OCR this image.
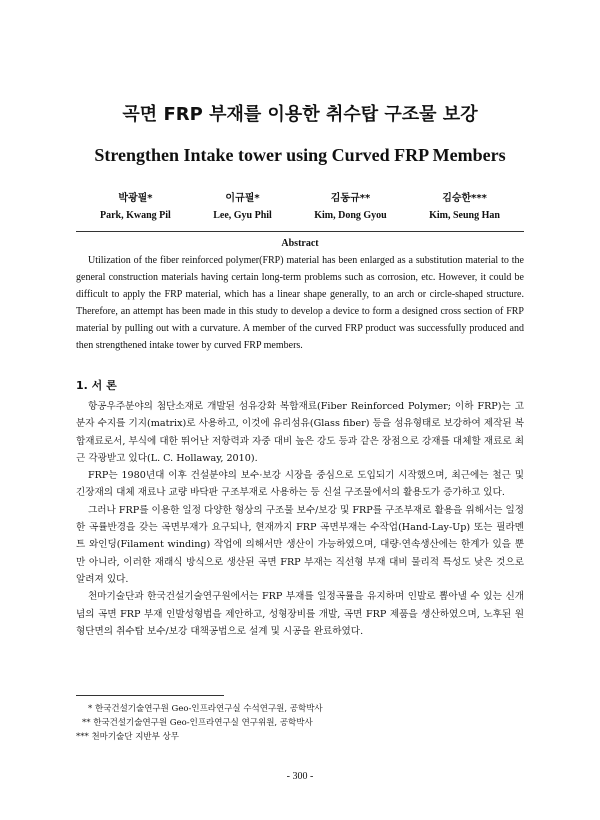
곡면 FRP 부재를 이용한 취수탑 구조물 보강
Strengthen Intake tower using Curved FRP Members
박광필*
Park, Kwang Pil
이규필*
Lee, Gyu Phil
김동규**
Kim, Dong Gyou
김승한***
Kim, Seung Han
Abstract
Utilization of the fiber reinforced polymer(FRP) material has been enlarged as a substitution material to the general construction materials having certain long-term problems such as corrosion, etc. However, it could be difficult to apply the FRP material, which has a linear shape generally, to an arch or circle-shaped structure. Therefore, an attempt has been made in this study to develop a device to form a designed cross section of FRP material by pulling out with a curvature. A member of the curved FRP product was successfully produced and then strengthened intake tower by curved FRP members.
1. 서 론

항공우주분야의 첨단소재로 개발된 섬유강화 복합재료(Fiber Reinforced Polymer; 이하 FRP)는 고분자 수지를 기지(matrix)로 사용하고, 이것에 유리섬유(Glass fiber) 등을 섬유형태로 보강하여 제작된 복합재료로서, 부식에 대한 뛰어난 저항력과 자중 대비 높은 강도 등과 같은 장점으로 강재를 대체할 재료로 최근 각광받고 있다(L. C. Hollaway, 2010).

FRP는 1980년대 이후 건설분야의 보수·보강 시장을 중심으로 도입되기 시작했으며, 최근에는 철근 및 긴장재의 대체 재료나 교량 바닥판 구조부재로 사용하는 등 신설 구조물에서의 활용도가 증가하고 있다.

그러나 FRP를 이용한 일정 다양한 형상의 구조물 보수/보강 및 FRP를 구조부재로 활용을 위해서는 일정한 곡률반경을 갖는 곡면부재가 요구되나, 현재까지 FRP 곡면부재는 수작업(Hand-Lay-Up) 또는 필라멘트 와인딩(Filament winding) 작업에 의해서만 생산이 가능하였으며, 대량·연속생산에는 한계가 있을 뿐만 아니라, 이러한 재래식 방식으로 생산된 곡면 FRP 부재는 직선형 부재 대비 물리적 특성도 낮은 것으로 알려져 있다.

천마기술단과 한국건설기술연구원에서는 FRP 부재를 일정곡률을 유지하며 인발로 뽑아낼 수 있는 신개념의 곡면 FRP 부재 인발성형법을 제안하고, 성형장비를 개발, 곡면 FRP 제품을 생산하였으며, 노후된 원형단면의 취수탑 보수/보강 대책공법으로 설계 및 시공을 완료하였다.

* 한국건설기술연구원 Geo-인프라연구실 수석연구원, 공학박사
** 한국건설기술연구원 Geo-인프라연구실 연구위원, 공학박사
*** 천마기술단 지반부 상무
- 300 -
